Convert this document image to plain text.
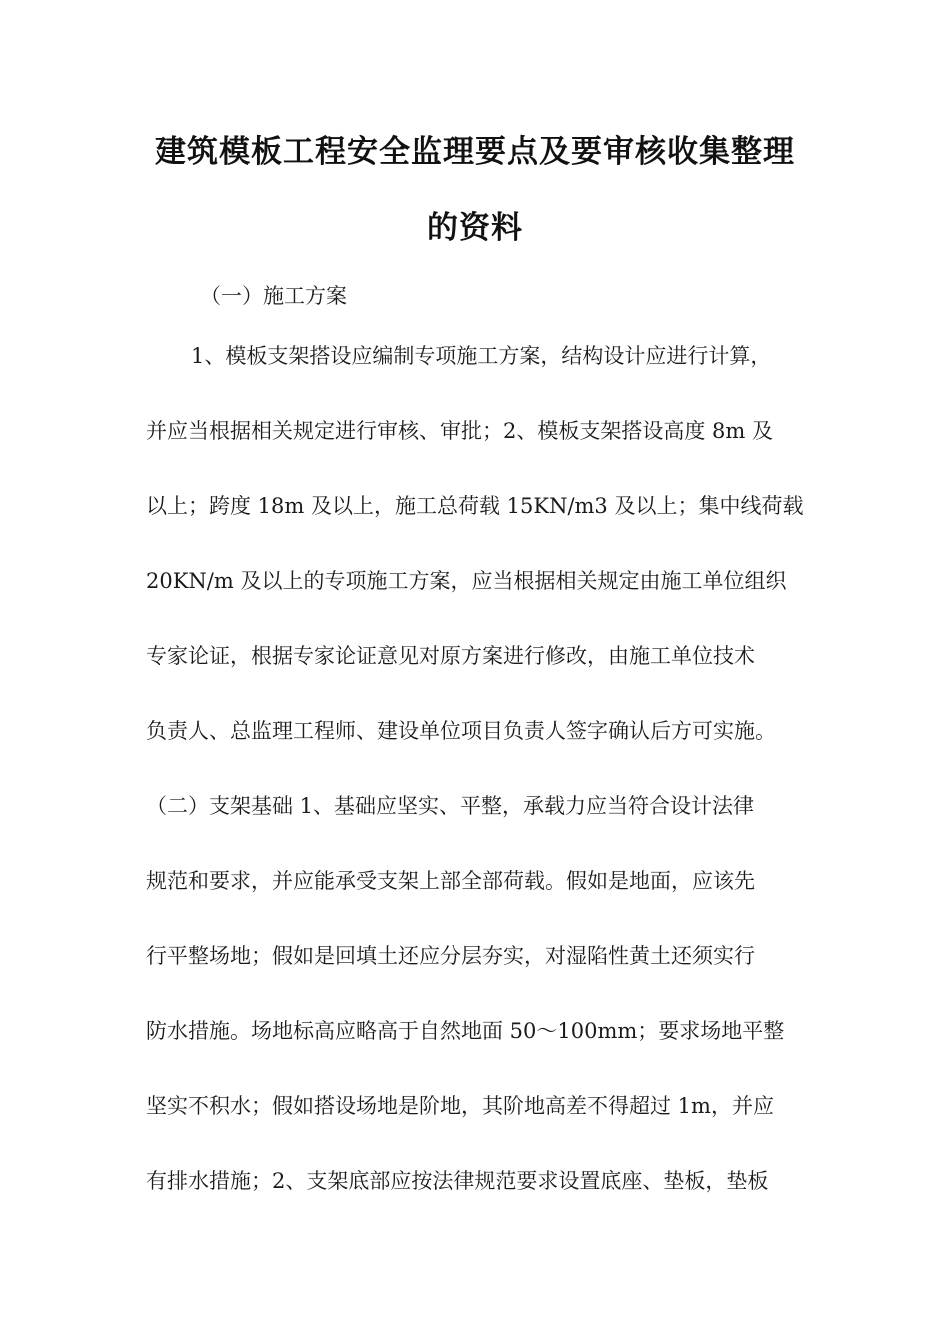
建筑模板工程安全监理要点及要审核收集整理
的资料
（一）施工方案
1、模板支架搭设应编制专项施工方案，结构设计应进行计算，
并应当根据相关规定进行审核、审批；2、模板支架搭设高度 8m 及
以上；跨度 18m 及以上，施工总荷载 15KN/m3 及以上；集中线荷载
20KN/m 及以上的专项施工方案，应当根据相关规定由施工单位组织
专家论证，根据专家论证意见对原方案进行修改，由施工单位技术
负责人、总监理工程师、建设单位项目负责人签字确认后方可实施。
（二）支架基础 1、基础应坚实、平整，承载力应当符合设计法律
规范和要求，并应能承受支架上部全部荷载。假如是地面，应该先
行平整场地；假如是回填土还应分层夯实，对湿陷性黄土还须实行
防水措施。场地标高应略高于自然地面 50～100mm；要求场地平整
坚实不积水；假如搭设场地是阶地，其阶地高差不得超过 1m，并应
有排水措施；2、支架底部应按法律规范要求设置底座、垫板，垫板
